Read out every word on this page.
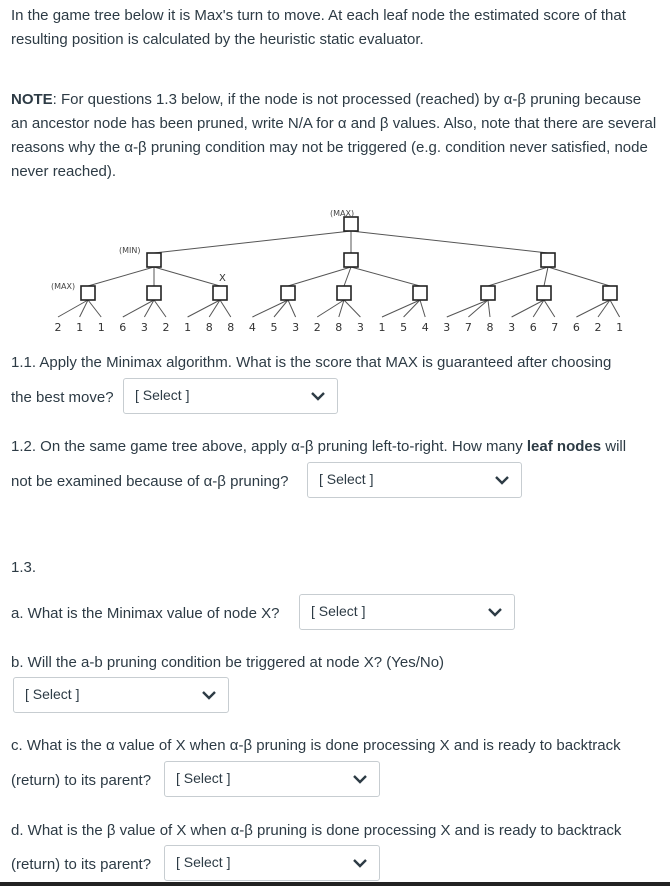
In the game tree below it is Max's turn to move. At each leaf node the estimated score of that resulting position is calculated by the heuristic static evaluator.

NOTE: For questions 1.3 below, if the node is not processed (reached) by α-β pruning because an ancestor node has been pruned, write N/A for α and β values. Also, note that there are several reasons why the α-β pruning condition may not be triggered (e.g. condition never satisfied, node never reached).

(MAX)
(MIN)
(MAX)
X
2 1 1 6 3 2 1 8 8 4 5 3 2 8 3 1 5 4 3 7 8 3 6 7 6 2 1
1.1. Apply the Minimax algorithm. What is the score that MAX is guaranteed after choosing
the best move? [ Select ]
1.2. On the same game tree above, apply α-β pruning left-to-right. How many leaf nodes will
not be examined because of α-β pruning? [ Select ]
1.3.
a. What is the Minimax value of node X? [ Select ]
b. Will the a-b pruning condition be triggered at node X? (Yes/No)
[ Select ]
c. What is the α value of X when α-β pruning is done processing X and is ready to backtrack
(return) to its parent? [ Select ]
d. What is the β value of X when α-β pruning is done processing X and is ready to backtrack
(return) to its parent? [ Select ]
